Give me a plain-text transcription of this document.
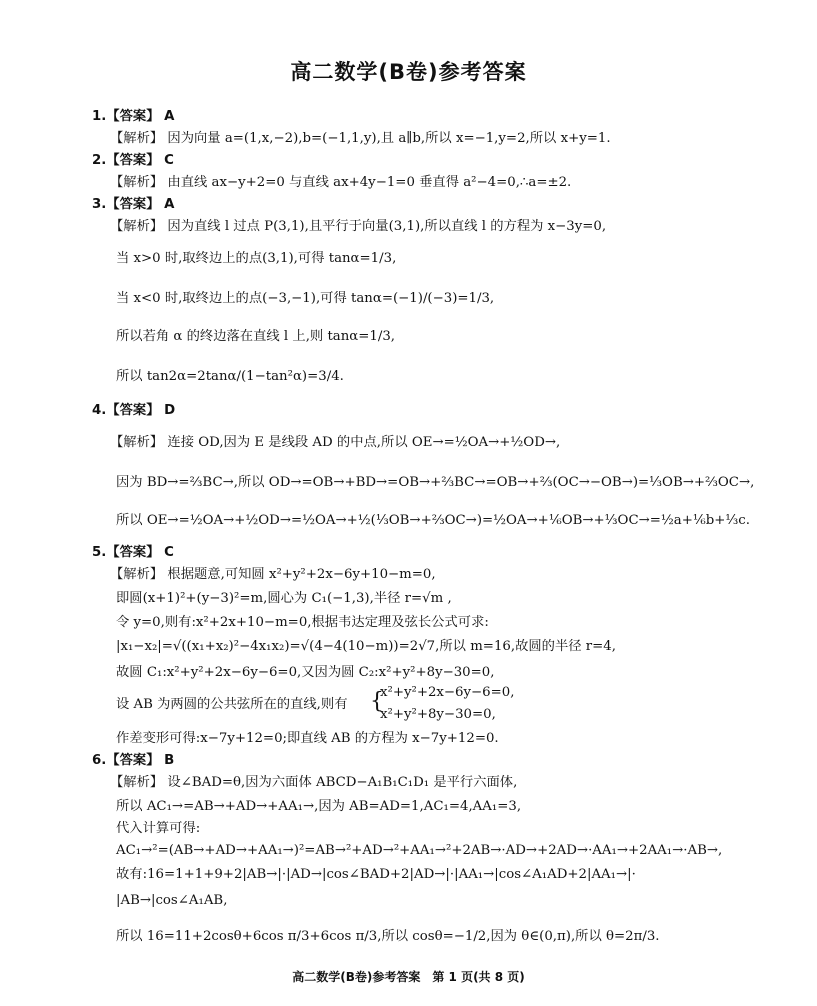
高二数学(B卷)参考答案
1.【答案】 A
【解析】 因为向量 a=(1,x,−2),b=(−1,1,y),且 a∥b,所以 x=−1,y=2,所以 x+y=1.
2.【答案】 C
【解析】 由直线 ax−y+2=0 与直线 ax+4y−1=0 垂直得 a²−4=0,∴a=±2.
3.【答案】 A
【解析】 因为直线 l 过点 P(3,1),且平行于向量(3,1),所以直线 l 的方程为 x−3y=0,
当 x>0 时,取终边上的点(3,1),可得 tanα=1/3,
当 x<0 时,取终边上的点(−3,−1),可得 tanα=(−1)/(−3)=1/3,
所以若角 α 的终边落在直线 l 上,则 tanα=1/3,
所以 tan2α=2tanα/(1−tan²α)=3/4.
4.【答案】 D
【解析】 连接 OD,因为 E 是线段 AD 的中点,所以 OE→=½OA→+½OD→,
因为 BD→=⅔BC→,所以 OD→=OB→+BD→=OB→+⅔BC→=OB→+⅔(OC→−OB→)=⅓OB→+⅔OC→,
所以 OE→=½OA→+½OD→=½OA→+½(⅓OB→+⅔OC→)=½OA→+⅙OB→+⅓OC→=½a+⅙b+⅓c.
5.【答案】 C
【解析】 根据题意,可知圆 x²+y²+2x−6y+10−m=0,
即圆(x+1)²+(y−3)²=m,圆心为 C₁(−1,3),半径 r=√m ,
令 y=0,则有:x²+2x+10−m=0,根据韦达定理及弦长公式可求:
|x₁−x₂|=√((x₁+x₂)²−4x₁x₂)=√(4−4(10−m))=2√7,所以 m=16,故圆的半径 r=4,
故圆 C₁:x²+y²+2x−6y−6=0,又因为圆 C₂:x²+y²+8y−30=0,
设 AB 为两圆的公共弦所在的直线,则有 {
x²+y²+2x−6y−6=0,
x²+y²+8y−30=0,
作差变形可得:x−7y+12=0;即直线 AB 的方程为 x−7y+12=0.
6.【答案】 B
【解析】 设∠BAD=θ,因为六面体 ABCD−A₁B₁C₁D₁ 是平行六面体,
所以 AC₁→=AB→+AD→+AA₁→,因为 AB=AD=1,AC₁=4,AA₁=3,
代入计算可得:
AC₁→²=(AB→+AD→+AA₁→)²=AB→²+AD→²+AA₁→²+2AB→·AD→+2AD→·AA₁→+2AA₁→·AB→,
故有:16=1+1+9+2|AB→|·|AD→|cos∠BAD+2|AD→|·|AA₁→|cos∠A₁AD+2|AA₁→|·
|AB→|cos∠A₁AB,
所以 16=11+2cosθ+6cos π/3+6cos π/3,所以 cosθ=−1/2,因为 θ∈(0,π),所以 θ=2π/3.
高二数学(B卷)参考答案　第 1 页(共 8 页)
